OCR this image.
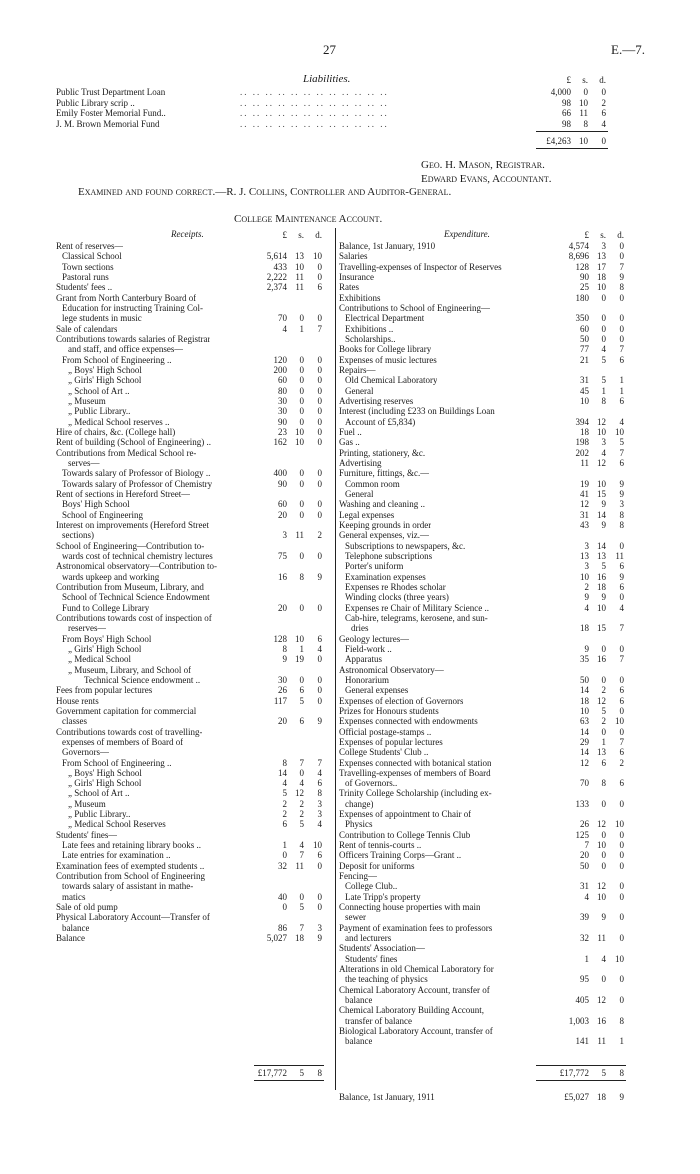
27	E.—7.
Liabilities.	£	s.	d.
Public Trust Department Loan	.. .. .. .. .. .. .. .. .. .. .. ..	4,000	0	0
Public Library scrip ..	.. .. .. .. .. .. .. .. .. .. .. ..	98 10	2
Emily Foster Memorial Fund..	.. .. .. .. .. .. .. .. .. .. .. ..	66 11	6
J. M. Brown Memorial Fund	.. .. .. .. .. .. .. .. .. .. .. ..	98	8	4
£4,263 10	0
Geo. H. Mason, Registrar.
Edward Evans, Accountant.
Examined and found correct.—R. J. Collins, Controller and Auditor-General.
College Maintenance Account.
Receipts.	Expenditure.
£	s.	d.
Rent of reserves—
Classical School	5,614 13	10
Town sections	433 10	0
Pastoral runs	2,222 11	0
Students' fees ..	2,374 11	6
Grant from North Canterbury Board of
Education for instructing Training Col-
lege students in music	70	0	0
Sale of calendars	4	1	7
Contributions towards salaries of Registrar
and staff, and office expenses—
From School of Engineering ..	120	0	0
„ Boys' High School	200	0	0
„ Girls' High School	60	0	0
„ School of Art ..	80	0	0
„ Museum	30	0	0
„ Public Library..	30	0	0
„ Medical School reserves ..	90	0	0
Hire of chairs, &c. (College hall)	23 10	0
Rent of building (School of Engineering) ..	162 10	0
Contributions from Medical School re-
serves—
Towards salary of Professor of Biology ..	400	0	0
Towards salary of Professor of Chemistry	90	0	0
Rent of sections in Hereford Street—
Boys' High School	60	0	0
School of Engineering	20	0	0
Interest on improvements (Hereford Street
sections)	3 11	2
School of Engineering—Contribution to-
wards cost of technical chemistry lectures	75	0	0
Astronomical observatory—Contribution to-
wards upkeep and working	16	8	9
Contribution from Museum, Library, and
School of Technical Science Endowment
Fund to College Library	20	0	0
Contributions towards cost of inspection of
reserves—
From Boys' High School	128 10	6
„ Girls' High School	8	1	4
„ Medical School	9 19	0
„ Museum, Library, and School of
Technical Science endowment ..	30	0	0
Fees from popular lectures	26	6	0
House rents	117	5	0
Government capitation for commercial
classes	20	6	9
Contributions towards cost of travelling-
expenses of members of Board of
Governors—
From School of Engineering ..	8	7	7
„ Boys' High School	14	0	4
„ Girls' High School	4	4	6
„ School of Art ..	5 12	8
„ Museum	2	2	3
„ Public Library..	2	2	3
„ Medical School Reserves	6	5	4
Students' fines—
Late fees and retaining library books ..	1	4	10
Late entries for examination ..	0	7	6
Examination fees of exempted students ..	32 11	0
Contribution from School of Engineering
towards salary of assistant in mathe-
matics	40	0	0
Sale of old pump	0	5	0
Physical Laboratory Account—Transfer of
balance	86	7	3
Balance	5,027 18	9
£17,772	5	8
£	s.	d.
Balance, 1st January, 1910	4,574	3	0
Salaries	8,696 13	0
Travelling-expenses of Inspector of Reserves	128 17	7
Insurance	90 18	9
Rates	25 10	8
Exhibitions	180	0	0
Contributions to School of Engineering—
Electrical Department	350	0	0
Exhibitions ..	60	0	0
Scholarships..	50	0	0
Books for College library	77	4	7
Expenses of music lectures	21	5	6
Repairs—
Old Chemical Laboratory	31	5	1
General	45	1	1
Advertising reserves	10	8	6
Interest (including £233 on Buildings Loan
Account of £5,834)	394 12	4
Fuel ..	18 10	10
Gas ..	198	3	5
Printing, stationery, &c.	202	4	7
Advertising	11 12	6
Furniture, fittings, &c.—
Common room	19 10	9
General	41 15	9
Washing and cleaning ..	12	9	3
Legal expenses	31 14	8
Keeping grounds in order	43	9	8
General expenses, viz.—
Subscriptions to newspapers, &c.	3 14	0
Telephone subscriptions	13 13	11
Porter's uniform	3	5	6
Examination expenses	10 16	9
Expenses re Rhodes scholar	2 18	6
Winding clocks (three years)	9	9	0
Expenses re Chair of Military Science ..	4 10	4
Cab-hire, telegrams, kerosene, and sun-
dries	18 15	7
Geology lectures—
Field-work ..	9	0	0
Apparatus	35 16	7
Astronomical Observatory—
Honorarium	50	0	0
General expenses	14	2	6
Expenses of election of Governors	18 12	6
Prizes for Honours students	10	5	0
Expenses connected with endowments	63	2	10
Official postage-stamps ..	14	0	0
Expenses of popular lectures	29	1	7
College Students' Club ..	14 13	6
Expenses connected with botanical station	12	6	2
Travelling-expenses of members of Board
of Governors..	70	8	6
Trinity College Scholarship (including ex-
change)	133	0	0
Expenses of appointment to Chair of
Physics	26 12	10
Contribution to College Tennis Club	125	0	0
Rent of tennis-courts ..	7 10	0
Officers Training Corps—Grant ..	20	0	0
Deposit for uniforms	50	0	0
Fencing—
College Club..	31 12	0
Late Tripp's property	4 10	0
Connecting house properties with main
sewer	39	9	0
Payment of examination fees to professors
and lecturers	32 11	0
Students' Association—
Students' fines	1	4	10
Alterations in old Chemical Laboratory for
the teaching of physics	95	0	0
Chemical Laboratory Account, transfer of
balance	405 12	0
Chemical Laboratory Building Account,
transfer of balance	1,003 16	8
Biological Laboratory Account, transfer of
balance	141 11	1
£17,772	5	8
Balance, 1st January, 1911	£5,027 18	9
